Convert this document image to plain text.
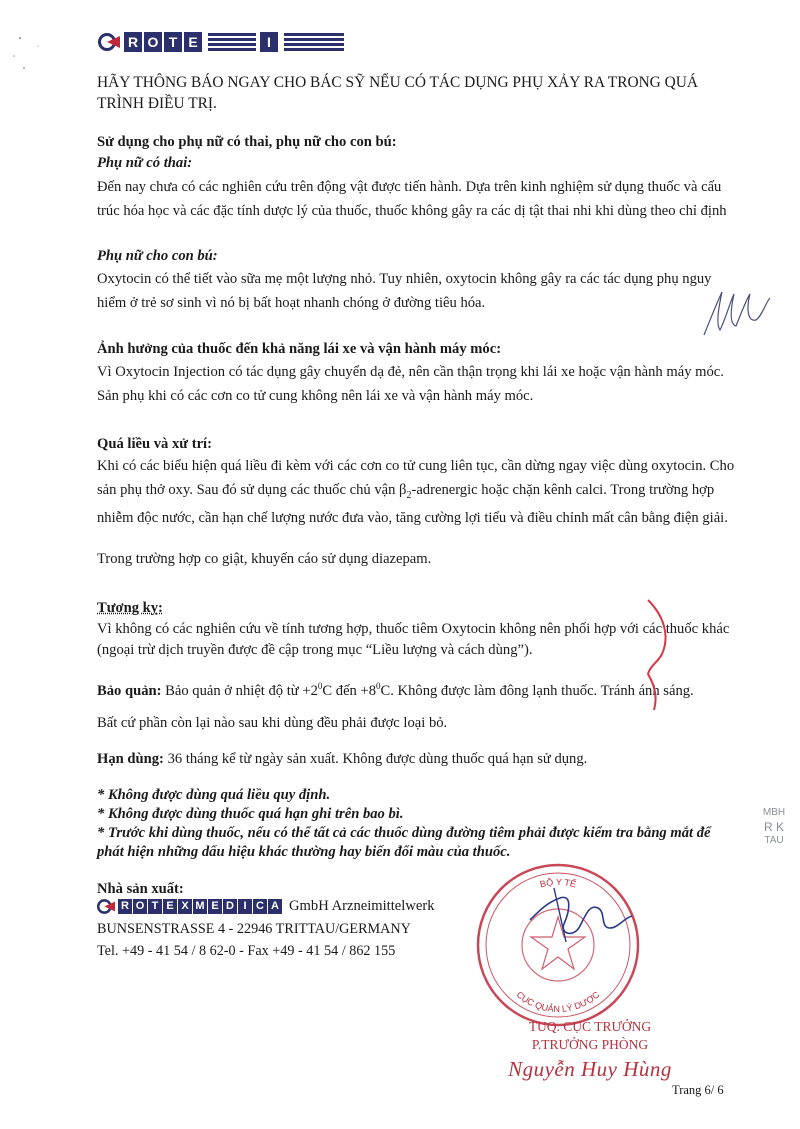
R O T E	I

HÃY THÔNG BÁO NGAY CHO BÁC SỸ NẾU CÓ TÁC DỤNG PHỤ XẢY RA TRONG QUÁ TRÌNH ĐIỀU TRỊ.

Sử dụng cho phụ nữ có thai, phụ nữ cho con bú:

Phụ nữ có thai:

Đến nay chưa có các nghiên cứu trên động vật được tiến hành. Dựa trên kinh nghiệm sử dụng thuốc và cấu trúc hóa học và các đặc tính dược lý của thuốc, thuốc không gây ra các dị tật thai nhi khi dùng theo chỉ định

Phụ nữ cho con bú:

Oxytocin có thể tiết vào sữa mẹ một lượng nhỏ. Tuy nhiên, oxytocin không gây ra các tác dụng phụ nguy hiểm ở trẻ sơ sinh vì nó bị bất hoạt nhanh chóng ở đường tiêu hóa.

Ảnh hưởng của thuốc đến khả năng lái xe và vận hành máy móc:

Vì Oxytocin Injection có tác dụng gây chuyển dạ đẻ, nên cần thận trọng khi lái xe hoặc vận hành máy móc. Sản phụ khi có các cơn co tử cung không nên lái xe và vận hành máy móc.

Quá liều và xử trí:

Khi có các biểu hiện quá liều đi kèm với các cơn co tử cung liên tục, cần dừng ngay việc dùng oxytocin. Cho sản phụ thở oxy. Sau đó sử dụng các thuốc chủ vận $\beta_2$-adrenergic hoặc chặn kênh calci. Trong trường hợp nhiễm độc nước, cần hạn chế lượng nước đưa vào, tăng cường lợi tiểu và điều chỉnh mất cân bằng điện giải.

Trong trường hợp co giật, khuyến cáo sử dụng diazepam.

Tương kỵ:

Vì không có các nghiên cứu về tính tương hợp, thuốc tiêm Oxytocin không nên phối hợp với các thuốc khác (ngoại trừ dịch truyền được đề cập trong mục “Liều lượng và cách dùng”).

Bảo quản: Bảo quản ở nhiệt độ từ $+2^0C$ đến $+8^0C$. Không được làm đông lạnh thuốc. Tránh ánh sáng.

Bất cứ phần còn lại nào sau khi dùng đều phải được loại bỏ.

Hạn dùng: 36 tháng kể từ ngày sản xuất. Không được dùng thuốc quá hạn sử dụng.

* Không được dùng quá liều quy định.

* Không được dùng thuốc quá hạn ghi trên bao bì.

* Trước khi dùng thuốc, nếu có thể tất cả các thuốc dùng đường tiêm phải được kiểm tra bằng mắt để phát hiện những dấu hiệu khác thường hay biến đổi màu của thuốc.

Nhà sản xuất:

R O T E X M E D I C A GmbH Arzneimittelwerk

BUNSENSTRASSE 4 - 22946 TRITTAU/GERMANY

Tel. +49 - 41 54 / 8 62-0 - Fax +49 - 41 54 / 862 155

BỘ Y TẾ
CỤC QUẢN LÝ DƯỢC
MBH
R K
TAU
TUQ. CỤC TRƯỞNG
P.TRƯỞNG PHÒNG
Nguyễn Huy Hùng
Trang 6/ 6
